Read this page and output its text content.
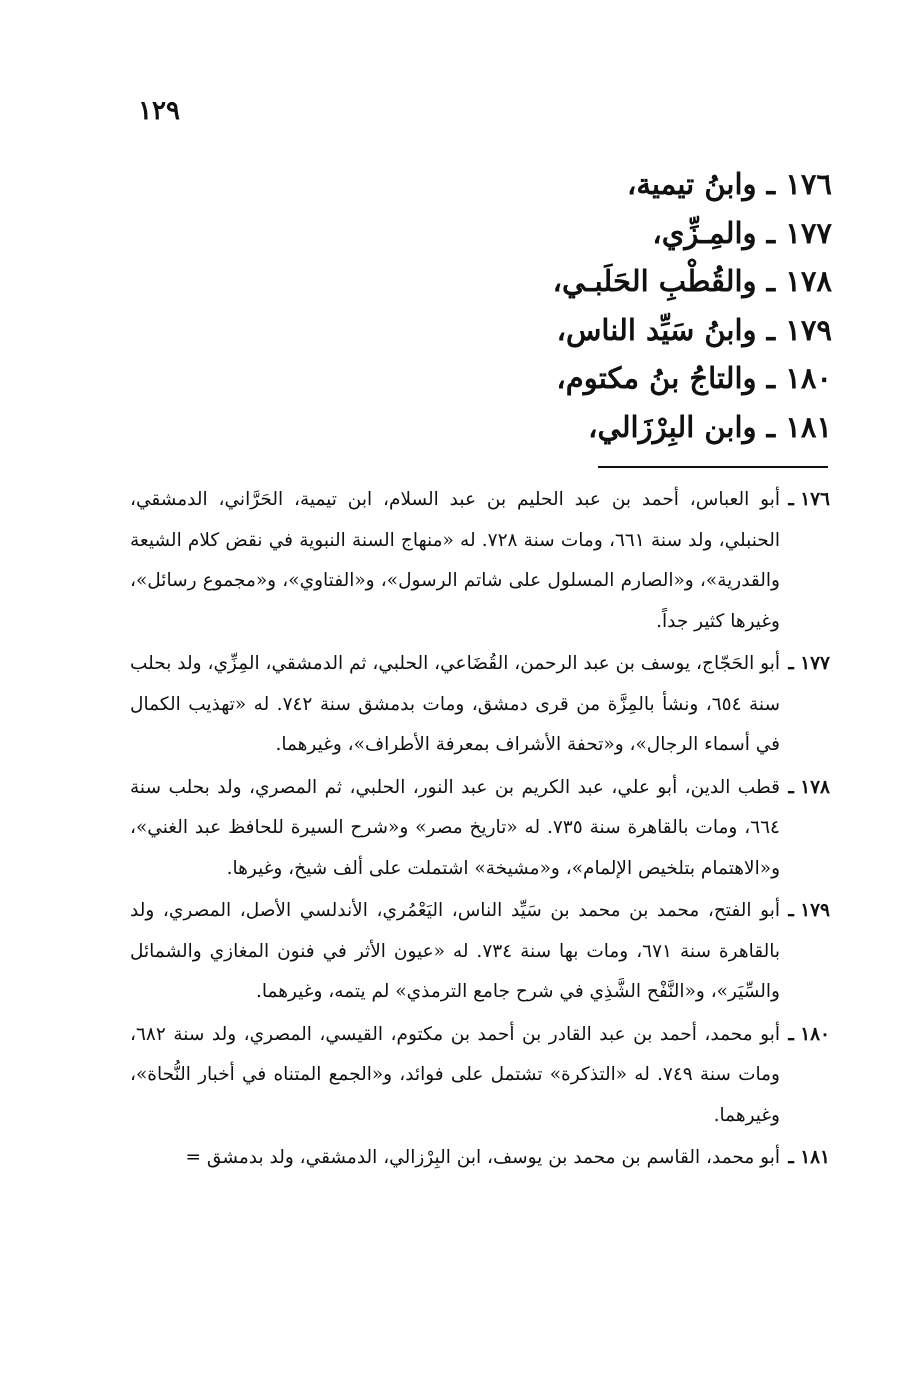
١٢٩
١٧٦ ـ وابنُ تيمية،
١٧٧ ـ والمِـزِّي،
١٧٨ ـ والقُطْبِ الحَلَبـي،
١٧٩ ـ وابنُ سَيِّد الناس،
١٨٠ ـ والتاجُ بنُ مكتوم،
١٨١ ـ وابن البِرْزَالي،
١٧٦ ـ
أبو العباس، أحمد بن عبد الحليم بن عبد السلام، ابن تيمية، الحَرَّاني، الدمشقي، الحنبلي، ولد سنة ٦٦١، ومات سنة ٧٢٨. له «منهاج السنة النبوية في نقض كلام الشيعة والقدرية»، و«الصارم المسلول على شاتم الرسول»، و«الفتاوي»، و«مجموع رسائل»، وغيرها كثير جداً.
١٧٧ ـ
أبو الحَجّاج، يوسف بن عبد الرحمن، القُضَاعي، الحلبي، ثم الدمشقي، المِزِّي، ولد بحلب سنة ٦٥٤، ونشأ بالمِزَّة من قرى دمشق، ومات بدمشق سنة ٧٤٢. له «تهذيب الكمال في أسماء الرجال»، و«تحفة الأشراف بمعرفة الأطراف»، وغيرهما.
١٧٨ ـ
قطب الدين، أبو علي، عبد الكريم بن عبد النور، الحلبي، ثم المصري، ولد بحلب سنة ٦٦٤، ومات بالقاهرة سنة ٧٣٥. له «تاريخ مصر» و«شرح السيرة للحافظ عبد الغني»، و«الاهتمام بتلخيص الإلمام»، و«مشيخة» اشتملت على ألف شيخ، وغيرها.
١٧٩ ـ
أبو الفتح، محمد بن محمد بن سَيِّد الناس، اليَعْمُري، الأندلسي الأصل، المصري، ولد بالقاهرة سنة ٦٧١، ومات بها سنة ٧٣٤. له «عيون الأثر في فنون المغازي والشمائل والسِّيَر»، و«النَّفْح الشَّذِي في شرح جامع الترمذي» لم يتمه، وغيرهما.
١٨٠ ـ
أبو محمد، أحمد بن عبد القادر بن أحمد بن مكتوم، القيسي، المصري، ولد سنة ٦٨٢، ومات سنة ٧٤٩. له «التذكرة» تشتمل على فوائد، و«الجمع المتناه في أخبار النُّحاة»، وغيرهما.
١٨١ ـ
أبو محمد، القاسم بن محمد بن يوسف، ابن البِرْزالي، الدمشقي، ولد بدمشق =
